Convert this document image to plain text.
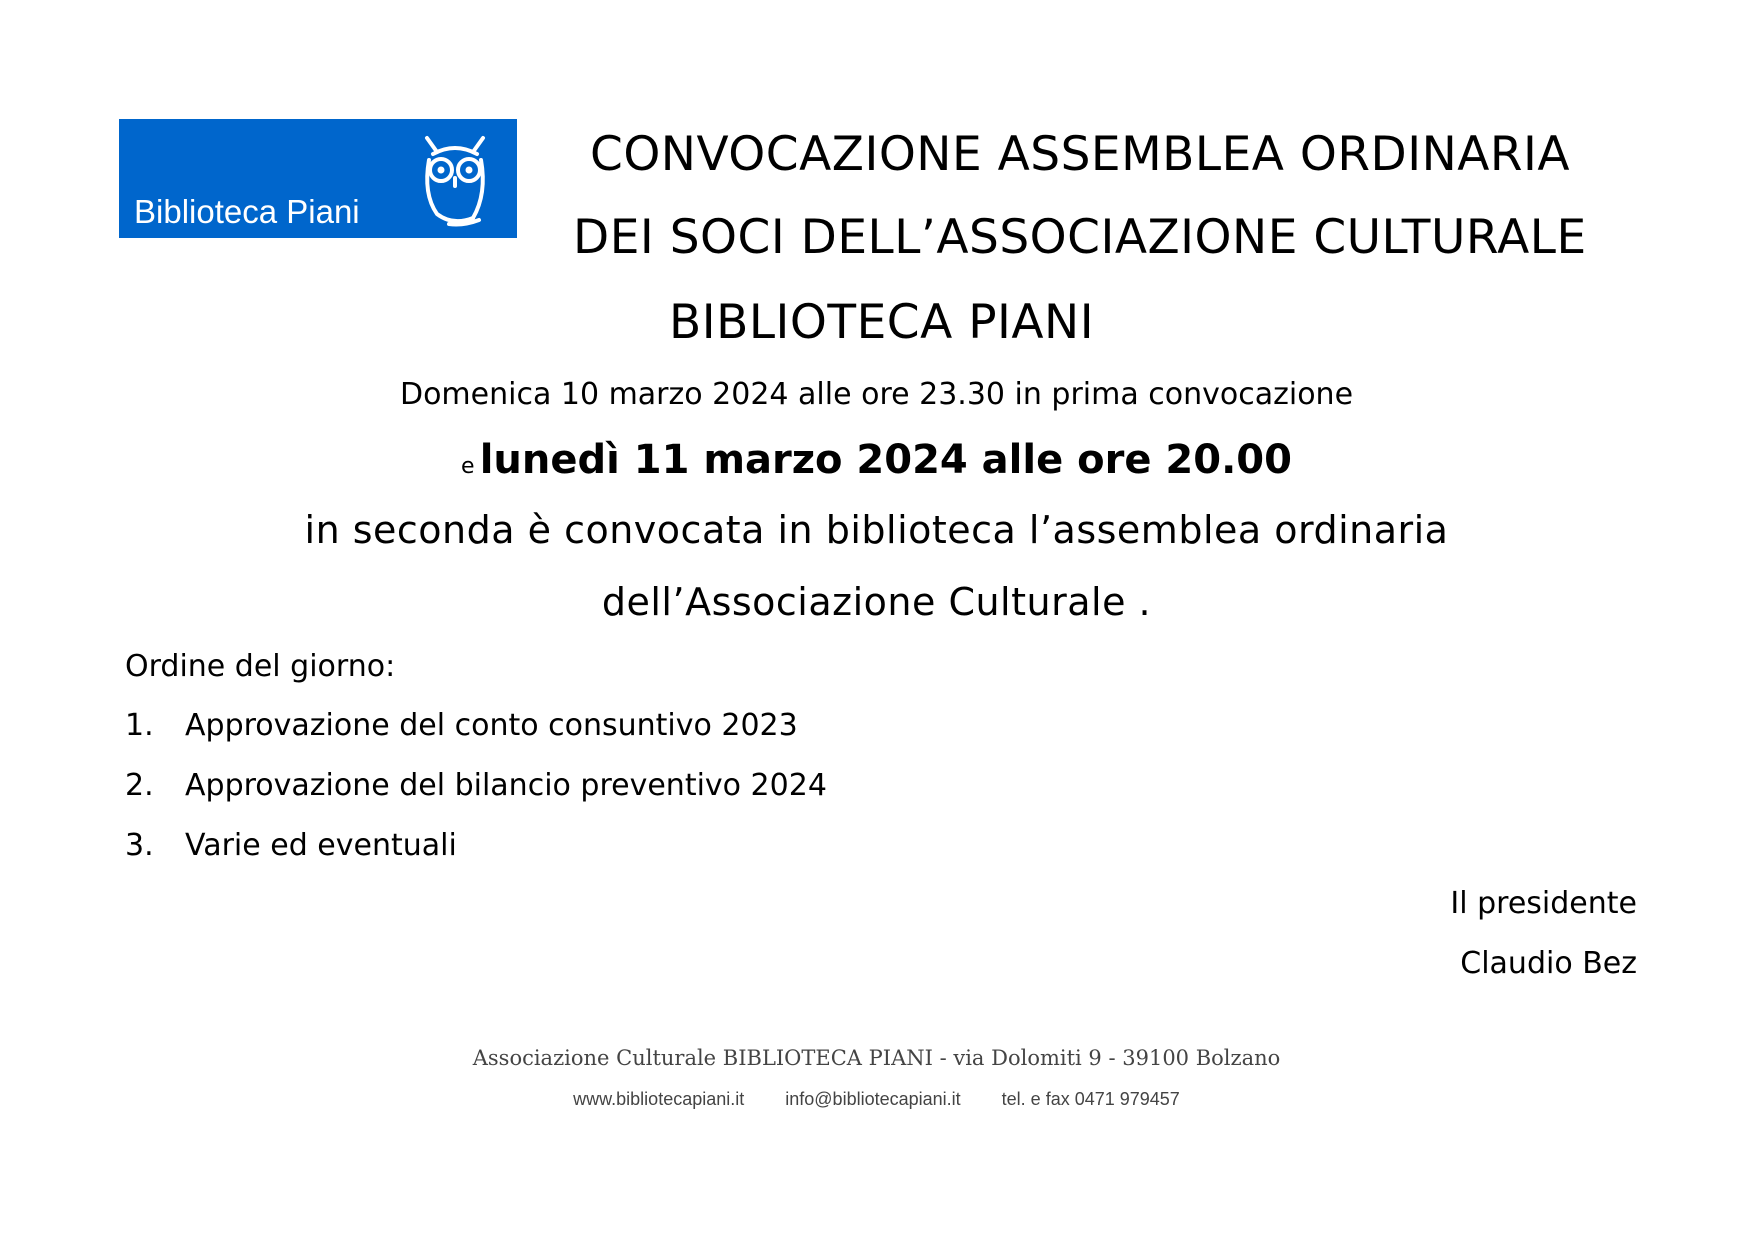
Biblioteca Piani
CONVOCAZIONE ASSEMBLEA ORDINARIA
DEI SOCI DELL’ASSOCIAZIONE CULTURALE
BIBLIOTECA PIANI
Domenica 10 marzo 2024 alle ore 23.30 in prima convocazione
e lunedì 11 marzo 2024 alle ore 20.00
in seconda è convocata in biblioteca l’assemblea ordinaria
dell’Associazione Culturale .
Ordine del giorno:
1. Approvazione del conto consuntivo 2023
2. Approvazione del bilancio preventivo 2024
3. Varie ed eventuali
Il presidente
Claudio Bez
Associazione Culturale BIBLIOTECA PIANI - via Dolomiti 9 - 39100 Bolzano
www.bibliotecapiani.it info@bibliotecapiani.it tel. e fax 0471 979457
